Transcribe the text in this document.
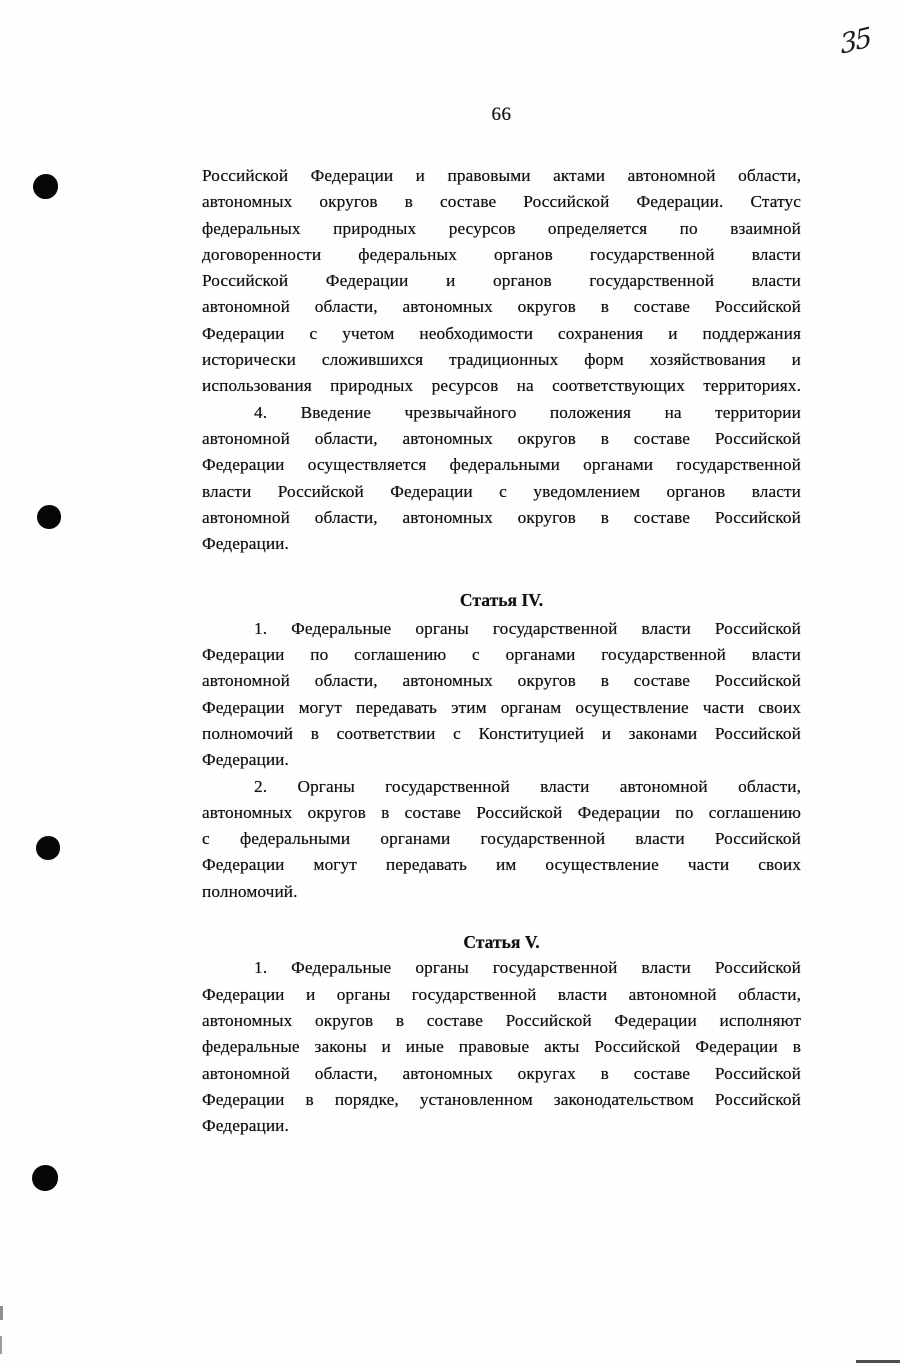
35
66
Российской Федерации и правовыми актами автономной области,
автономных округов в составе Российской Федерации. Статус
федеральных природных ресурсов определяется по взаимной
договоренности федеральных органов государственной власти
Российской Федерации и органов государственной власти
автономной области, автономных округов в составе Российской
Федерации с учетом необходимости сохранения и поддержания
исторически сложившихся традиционных форм хозяйствования и
использования природных ресурсов на соответствующих территориях.
4. Введение чрезвычайного положения на территории
автономной области, автономных округов в составе Российской
Федерации осуществляется федеральными органами государственной
власти Российской Федерации с уведомлением органов власти
автономной области, автономных округов в составе Российской
Федерации.
Статья IV.
1. Федеральные органы государственной власти Российской
Федерации по соглашению с органами государственной власти
автономной области, автономных округов в составе Российской
Федерации могут передавать этим органам осуществление части своих
полномочий в соответствии с Конституцией и законами Российской
Федерации.
2. Органы государственной власти автономной области,
автономных округов в составе Российской Федерации по соглашению
с федеральными органами государственной власти Российской
Федерации могут передавать им осуществление части своих
полномочий.
Статья V.
1. Федеральные органы государственной власти Российской
Федерации и органы государственной власти автономной области,
автономных округов в составе Российской Федерации исполняют
федеральные законы и иные правовые акты Российской Федерации в
автономной области, автономных округах в составе Российской
Федерации в порядке, установленном законодательством Российской
Федерации.
